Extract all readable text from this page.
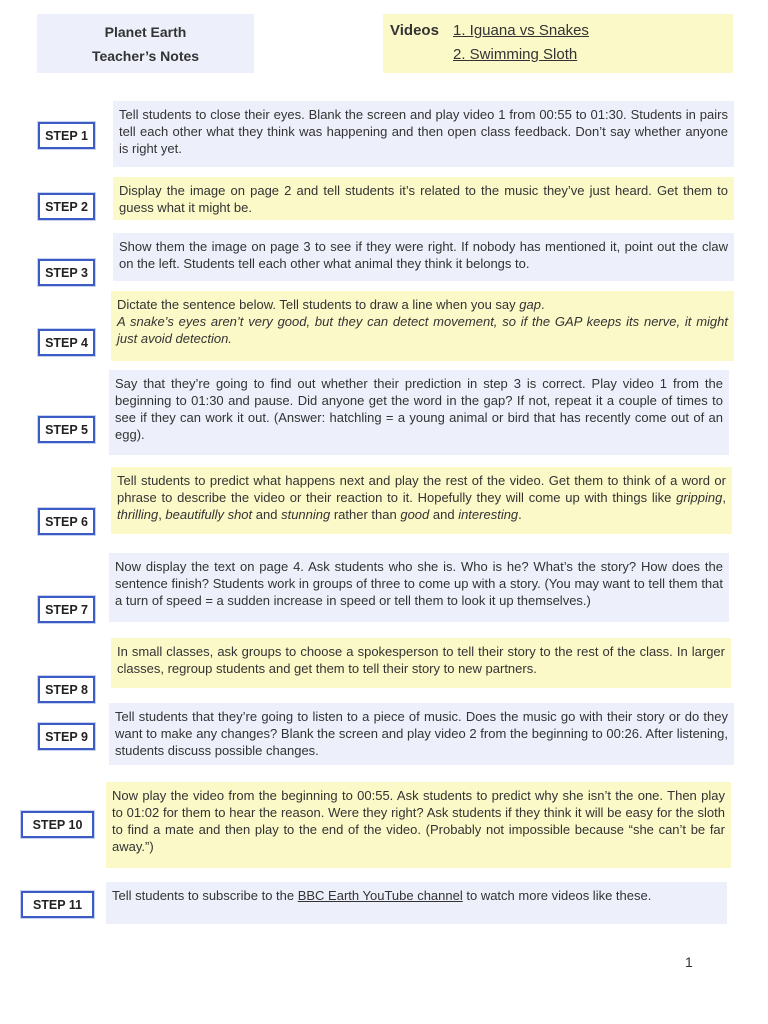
Planet Earth
Teacher’s Notes
Videos 1. Iguana vs Snakes
2. Swimming Sloth
STEP 1

Tell students to close their eyes. Blank the screen and play video 1 from 00:55 to 01:30. Students in pairs tell each other what they think was happening and then open class feedback. Don’t say whether anyone is right yet.

STEP 2

Display the image on page 2 and tell students it’s related to the music they’ve just heard. Get them to guess what it might be.

STEP 3

Show them the image on page 3 to see if they were right. If nobody has mentioned it, point out the claw on the left. Students tell each other what animal they think it belongs to.

STEP 4

Dictate the sentence below. Tell students to draw a line when you say gap.

A snake’s eyes aren’t very good, but they can detect movement, so if the GAP keeps its nerve, it might just avoid detection.

STEP 5

Say that they’re going to find out whether their prediction in step 3 is correct. Play video 1 from the beginning to 01:30 and pause. Did anyone get the word in the gap? If not, repeat it a couple of times to see if they can work it out. (Answer: hatchling = a young animal or bird that has recently come out of an egg).

STEP 6

Tell students to predict what happens next and play the rest of the video. Get them to think of a word or phrase to describe the video or their reaction to it. Hopefully they will come up with things like gripping, thrilling, beautifully shot and stunning rather than good and interesting.

STEP 7

Now display the text on page 4. Ask students who she is. Who is he? What’s the story? How does the sentence finish? Students work in groups of three to come up with a story. (You may want to tell them that a turn of speed = a sudden increase in speed or tell them to look it up themselves.)

STEP 8

In small classes, ask groups to choose a spokesperson to tell their story to the rest of the class. In larger classes, regroup students and get them to tell their story to new partners.

STEP 9

Tell students that they’re going to listen to a piece of music. Does the music go with their story or do they want to make any changes? Blank the screen and play video 2 from the beginning to 00:26. After listening, students discuss possible changes.

STEP 10

Now play the video from the beginning to 00:55. Ask students to predict why she isn’t the one. Then play to 01:02 for them to hear the reason. Were they right? Ask students if they think it will be easy for the sloth to find a mate and then play to the end of the video. (Probably not impossible because “she can’t be far away.”)

STEP 11

Tell students to subscribe to the BBC Earth YouTube channel to watch more videos like these.

1
